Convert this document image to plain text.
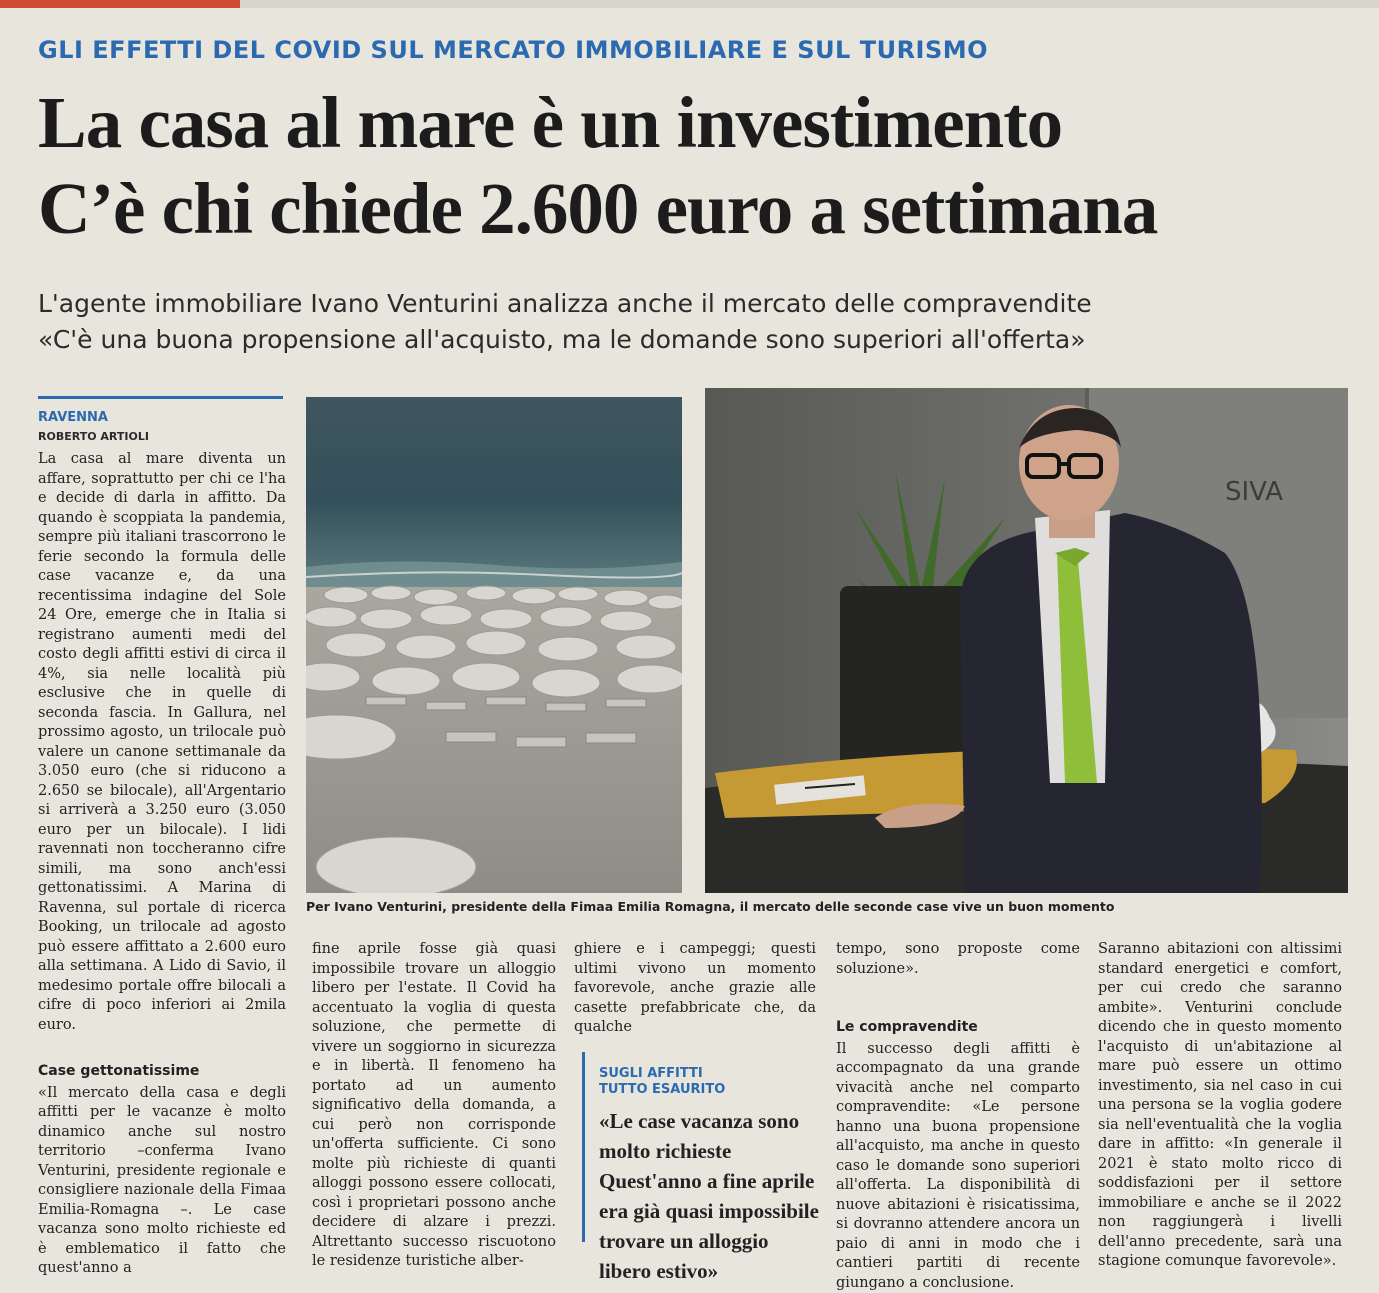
GLI EFFETTI DEL COVID SUL MERCATO IMMOBILIARE E SUL TURISMO
La casa al mare è un investimento
C’è chi chiede 2.600 euro a settimana
L'agente immobiliare Ivano Venturini analizza anche il mercato delle compravendite
«C'è una buona propensione all'acquisto, ma le domande sono superiori all'offerta»
RAVENNA
ROBERTO ARTIOLI

La casa al mare diventa un affare, soprattutto per chi ce l'ha e decide di darla in affitto. Da quando è scoppiata la pandemia, sempre più italiani trascorrono le ferie secondo la formula delle case vacanze e, da una recentissima indagine del Sole 24 Ore, emerge che in Italia si registrano aumenti medi del costo degli affitti estivi di circa il 4%, sia nelle località più esclusive che in quelle di seconda fascia. In Gallura, nel prossimo agosto, un trilocale può valere un canone settimanale da 3.050 euro (che si riducono a 2.650 se bilocale), all'Argentario si arriverà a 3.250 euro (3.050 euro per un bilocale). I lidi ravennati non toccheranno cifre simili, ma sono anch'essi gettonatissimi. A Marina di Ravenna, sul portale di ricerca Booking, un trilocale ad agosto può essere affittato a 2.600 euro alla settimana. A Lido di Savio, il medesimo portale offre bilocali a cifre di poco inferiori ai 2mila euro.

Case gettonatissime

«Il mercato della casa e degli affitti per le vacanze è molto dinamico anche sul nostro territorio –conferma Ivano Venturini, presidente regionale e consigliere nazionale della Fimaa Emilia-Romagna –. Le case vacanza sono molto richieste ed è emblematico il fatto che quest'anno a

SIVA
Per Ivano Venturini, presidente della Fimaa Emilia Romagna, il mercato delle seconde case vive un buon momento

fine aprile fosse già quasi impossibile trovare un alloggio libero per l'estate. Il Covid ha accentuato la voglia di questa soluzione, che permette di vivere un soggiorno in sicurezza e in libertà. Il fenomeno ha portato ad un aumento significativo della domanda, a cui però non corrisponde un'offerta sufficiente. Ci sono molte più richieste di quanti alloggi possono essere collocati, così i proprietari possono anche decidere di alzare i prezzi. Altrettanto successo riscuotono le residenze turistiche alber-

ghiere e i campeggi; questi ultimi vivono un momento favorevole, anche grazie alle casette prefabbricate che, da qualche

SUGLI AFFITTI
TUTTO ESAURITO
«Le case vacanza sono molto richieste Quest'anno a fine aprile era già quasi impossibile trovare un alloggio libero estivo»

tempo, sono proposte come soluzione».

Le compravendite

Il successo degli affitti è accompagnato da una grande vivacità anche nel comparto compravendite: «Le persone hanno una buona propensione all'acquisto, ma anche in questo caso le domande sono superiori all'offerta. La disponibilità di nuove abitazioni è risicatissima, si dovranno attendere ancora un paio di anni in modo che i cantieri partiti di recente giungano a conclusione.

Saranno abitazioni con altissimi standard energetici e comfort, per cui credo che saranno ambite». Venturini conclude dicendo che in questo momento l'acquisto di un'abitazione al mare può essere un ottimo investimento, sia nel caso in cui una persona se la voglia godere sia nell'eventualità che la voglia dare in affitto: «In generale il 2021 è stato molto ricco di soddisfazioni per il settore immobiliare e anche se il 2022 non raggiungerà i livelli dell'anno precedente, sarà una stagione comunque favorevole».
